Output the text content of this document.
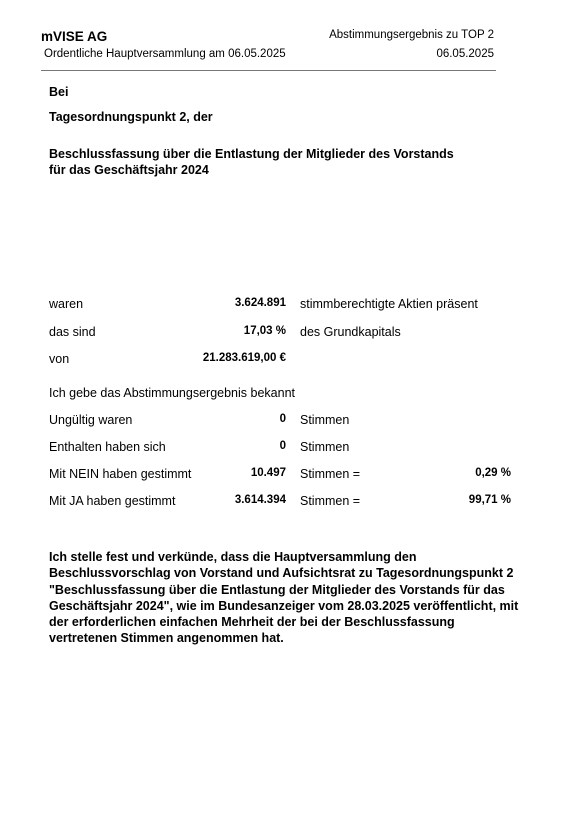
mVISE AG
Ordentliche Hauptversammlung am 06.05.2025
Abstimmungsergebnis zu TOP 2
06.05.2025
Bei
Tagesordnungspunkt 2, der
Beschlussfassung über die Entlastung der Mitglieder des Vorstands für das Geschäftsjahr 2024
waren	3.624.891 stimmberechtigte Aktien präsent
das sind	17,03 % des Grundkapitals
von	21.283.619,00 €
Ich gebe das Abstimmungsergebnis bekannt
Ungültig waren	0 Stimmen
Enthalten haben sich	0 Stimmen
Mit NEIN haben gestimmt	10.497 Stimmen =	0,29 %
Mit JA haben gestimmt	3.614.394 Stimmen =	99,71 %
Ich stelle fest und verkünde, dass die Hauptversammlung den Beschlussvorschlag von Vorstand und Aufsichtsrat zu Tagesordnungspunkt 2 "Beschlussfassung über die Entlastung der Mitglieder des Vorstands für das Geschäftsjahr 2024", wie im Bundesanzeiger vom 28.03.2025 veröffentlicht, mit der erforderlichen einfachen Mehrheit der bei der Beschlussfassung vertretenen Stimmen angenommen hat.
